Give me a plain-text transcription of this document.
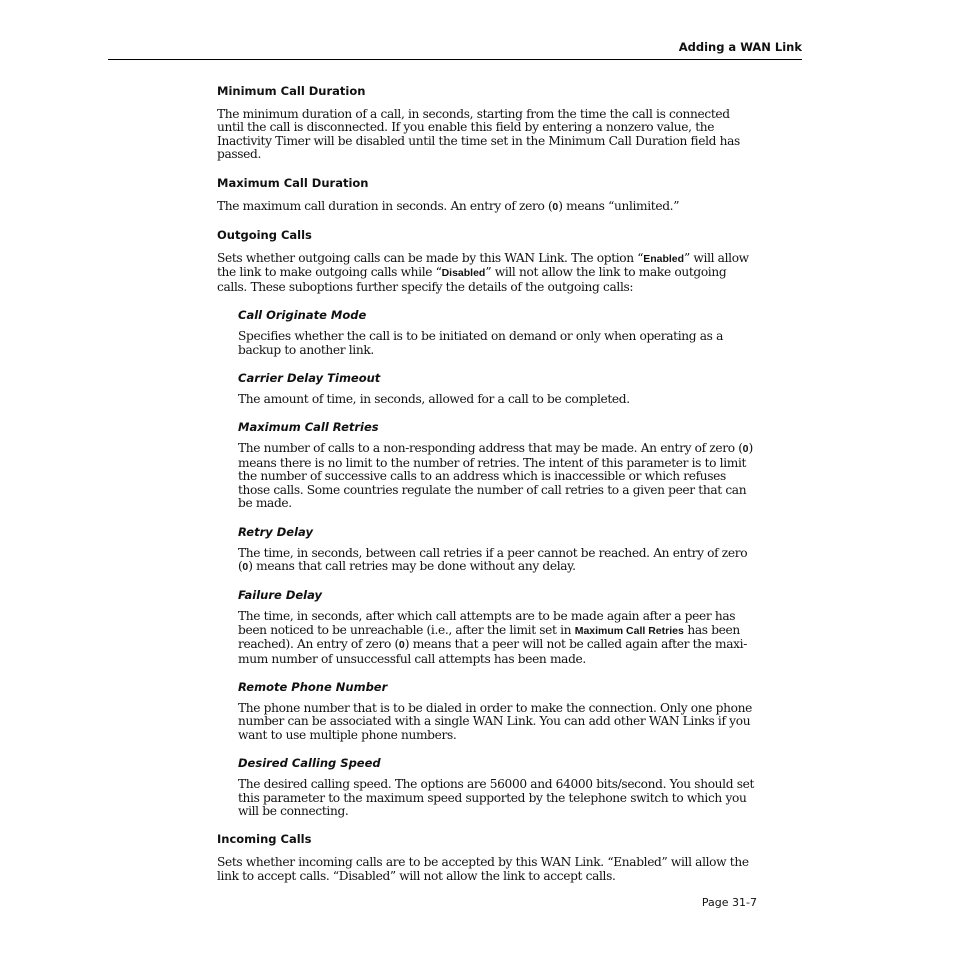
Adding a WAN Link
Minimum Call Duration

The minimum duration of a call, in seconds, starting from the time the call is connected until the call is disconnected. If you enable this field by entering a nonzero value, the Inactivity Timer will be disabled until the time set in the Minimum Call Duration field has passed.

Maximum Call Duration

The maximum call duration in seconds. An entry of zero (0) means “unlimited.”

Outgoing Calls

Sets whether outgoing calls can be made by this WAN Link. The option “Enabled” will allow the link to make outgoing calls while “Disabled” will not allow the link to make outgoing calls. These suboptions further specify the details of the outgoing calls:

Call Originate Mode

Specifies whether the call is to be initiated on demand or only when operating as a backup to another link.

Carrier Delay Timeout

The amount of time, in seconds, allowed for a call to be completed.

Maximum Call Retries

The number of calls to a non-responding address that may be made. An entry of zero (0) means there is no limit to the number of retries. The intent of this parameter is to limit the number of successive calls to an address which is inaccessible or which refuses those calls. Some countries regulate the number of call retries to a given peer that can be made.

Retry Delay

The time, in seconds, between call retries if a peer cannot be reached. An entry of zero (0) means that call retries may be done without any delay.

Failure Delay

The time, in seconds, after which call attempts are to be made again after a peer has been noticed to be unreachable (i.e., after the limit set in Maximum Call Retries has been reached). An entry of zero (0) means that a peer will not be called again after the maxi-mum number of unsuccessful call attempts has been made.

Remote Phone Number

The phone number that is to be dialed in order to make the connection. Only one phone number can be associated with a single WAN Link. You can add other WAN Links if you want to use multiple phone numbers.

Desired Calling Speed

The desired calling speed. The options are 56000 and 64000 bits/second. You should set this parameter to the maximum speed supported by the telephone switch to which you will be connecting.

Incoming Calls

Sets whether incoming calls are to be accepted by this WAN Link. “Enabled” will allow the link to accept calls. “Disabled” will not allow the link to accept calls.

Page 31-7
